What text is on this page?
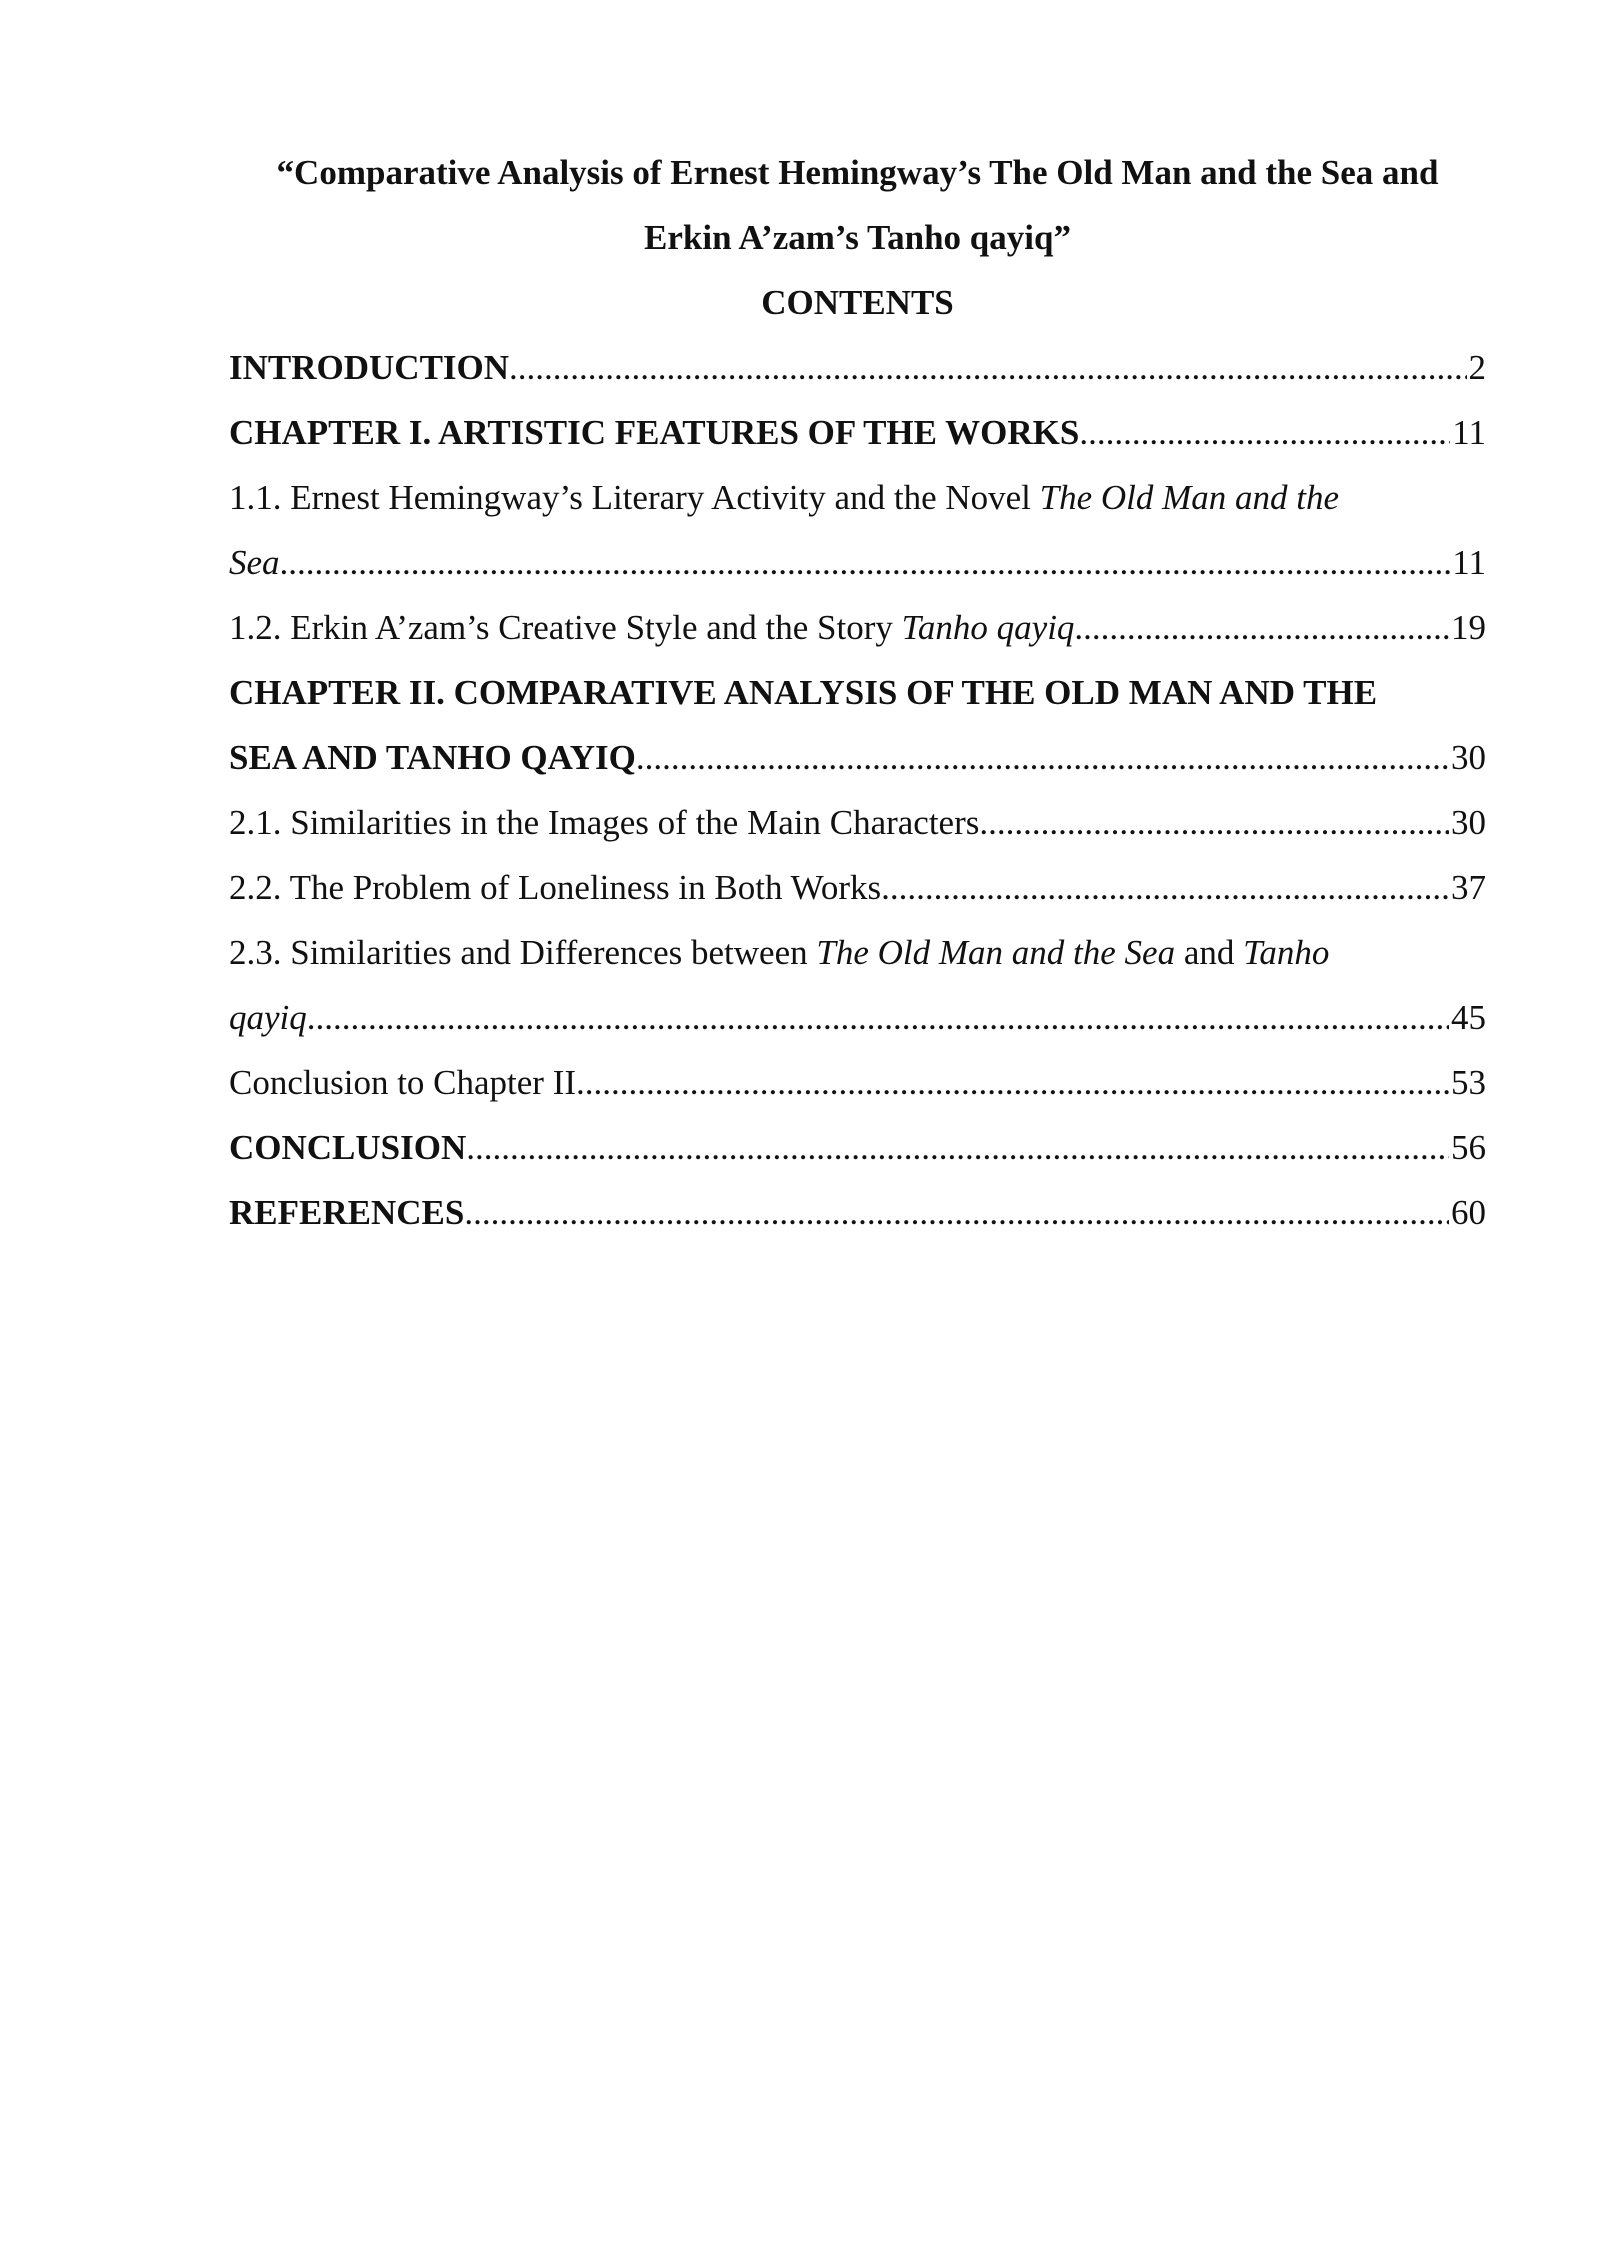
“Comparative Analysis of Ernest Hemingway’s The Old Man and the Sea and

Erkin A’zam’s Tanho qayiq”

CONTENTS

INTRODUCTION .....	2
CHAPTER I. ARTISTIC FEATURES OF THE WORKS .....	11
1.1. Ernest Hemingway’s Literary Activity and the Novel The Old Man and the
Sea .....	11
1.2. Erkin A’zam’s Creative Style and the Story Tanho qayiq .....	19
CHAPTER II. COMPARATIVE ANALYSIS OF THE OLD MAN AND THE
SEA AND TANHO QAYIQ .....	30
2.1. Similarities in the Images of the Main Characters .....	30
2.2. The Problem of Loneliness in Both Works .....	37
2.3. Similarities and Differences between The Old Man and the Sea and Tanho
qayiq .....	45
Conclusion to Chapter II .....	53
CONCLUSION .....	56
REFERENCES .....	60
